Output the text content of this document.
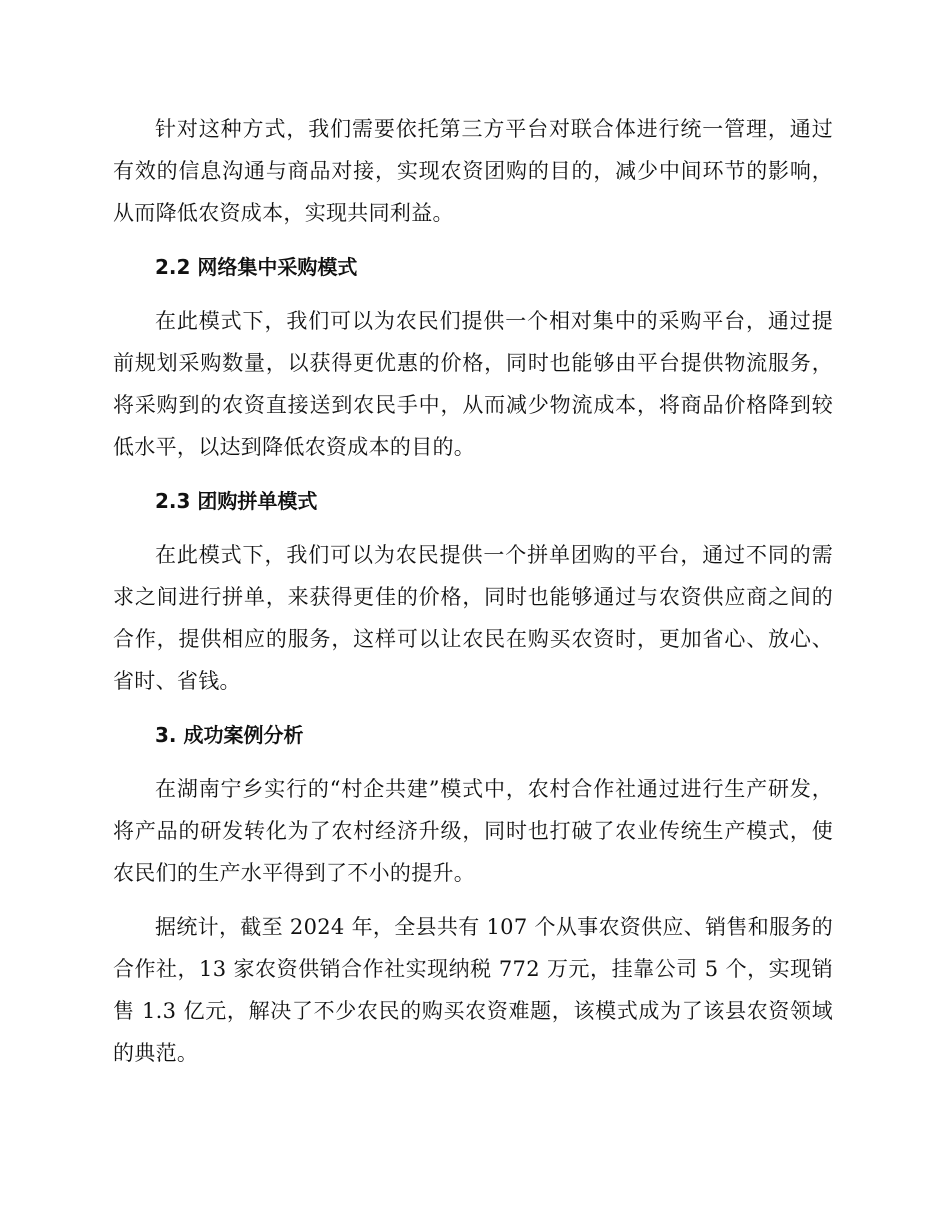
针对这种方式，我们需要依托第三方平台对联合体进行统一管理，通过有效的信息沟通与商品对接，实现农资团购的目的，减少中间环节的影响，从而降低农资成本，实现共同利益。

2.2 网络集中采购模式

在此模式下，我们可以为农民们提供一个相对集中的采购平台，通过提前规划采购数量，以获得更优惠的价格，同时也能够由平台提供物流服务，将采购到的农资直接送到农民手中，从而减少物流成本，将商品价格降到较低水平，以达到降低农资成本的目的。

2.3 团购拼单模式

在此模式下，我们可以为农民提供一个拼单团购的平台，通过不同的需求之间进行拼单，来获得更佳的价格，同时也能够通过与农资供应商之间的合作，提供相应的服务，这样可以让农民在购买农资时，更加省心、放心、省时、省钱。

3. 成功案例分析

在湖南宁乡实行的“村企共建”模式中，农村合作社通过进行生产研发，将产品的研发转化为了农村经济升级，同时也打破了农业传统生产模式，使农民们的生产水平得到了不小的提升。

据统计，截至 2024 年，全县共有 107 个从事农资供应、销售和服务的合作社，13 家农资供销合作社实现纳税 772 万元，挂靠公司 5 个，实现销售 1.3 亿元，解决了不少农民的购买农资难题，该模式成为了该县农资领域的典范。
